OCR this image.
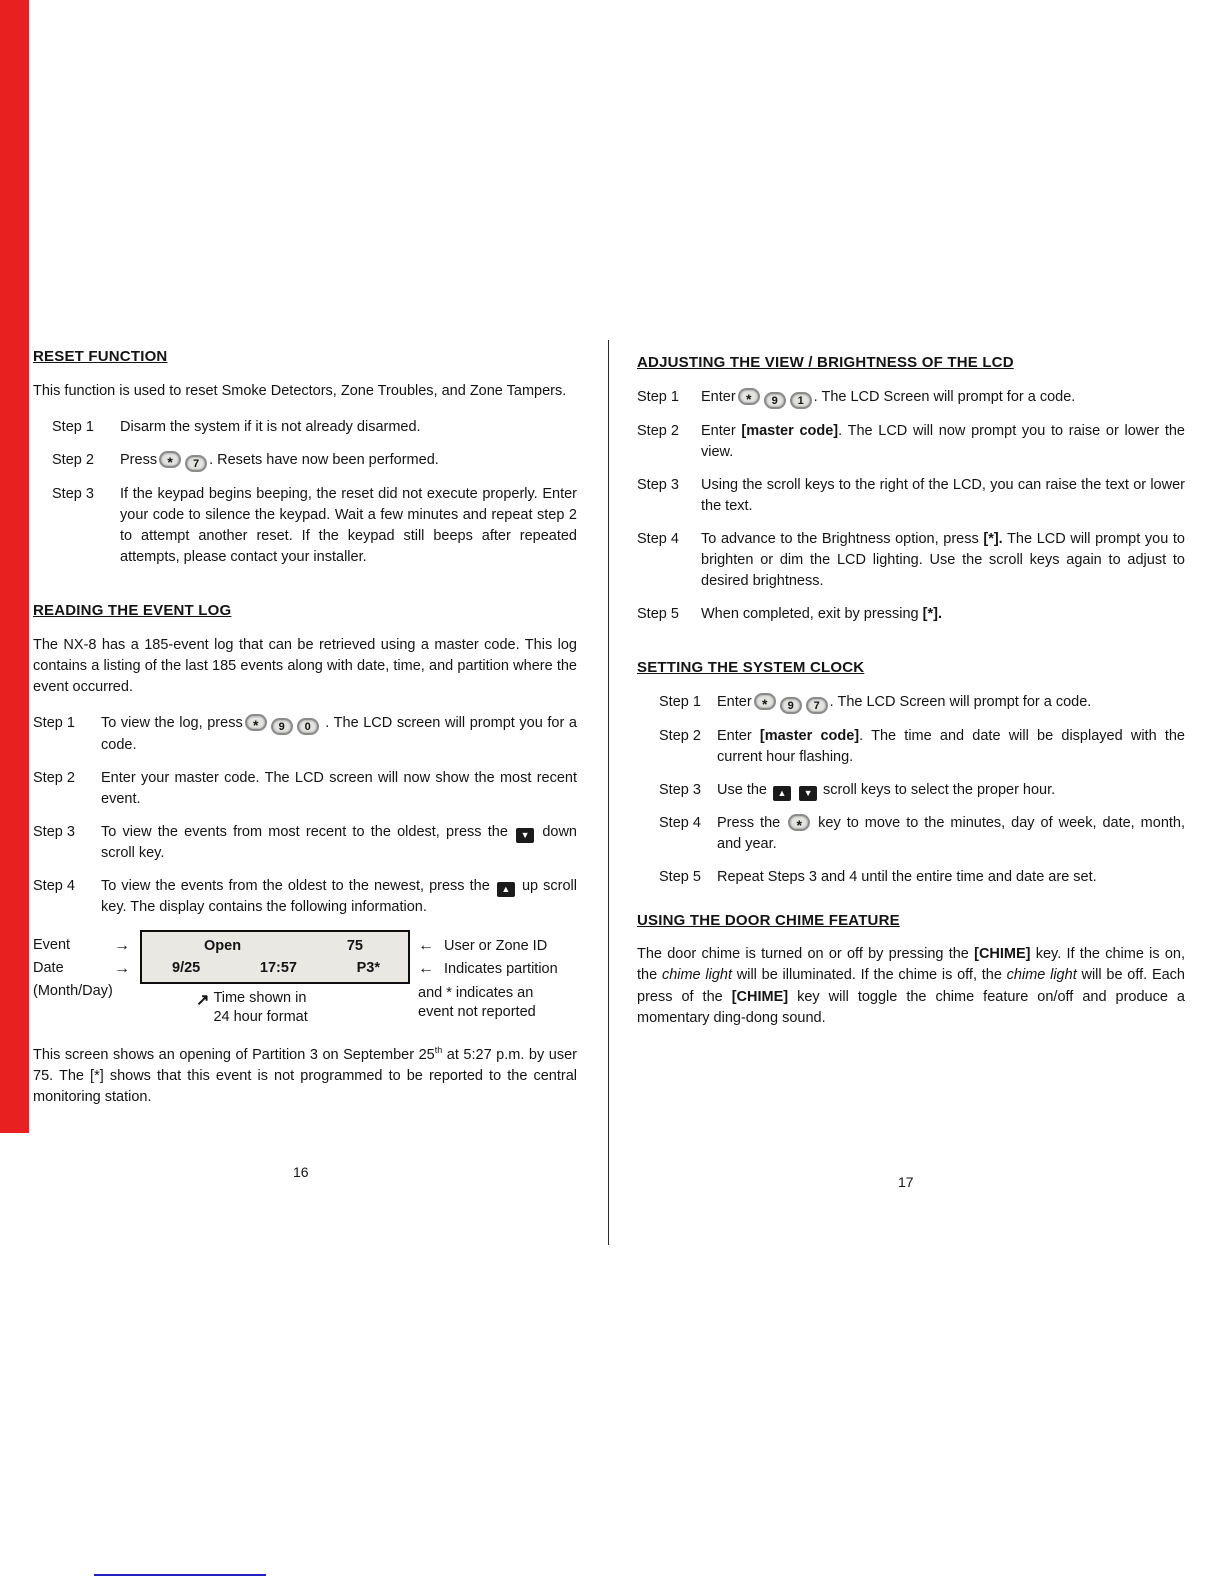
RESET FUNCTION

This function is used to reset Smoke Detectors, Zone Troubles, and Zone Tampers.

Step 1	Disarm the system if it is not already disarmed.
Step 2	Press * 7 . Resets have now been performed.
Step 3	If the keypad begins beeping, the reset did not execute properly. Enter your code to silence the keypad. Wait a few minutes and repeat step 2 to attempt another reset. If the keypad still beeps after repeated attempts, please contact your installer.
READING THE EVENT LOG

The NX-8 has a 185-event log that can be retrieved using a master code. This log contains a listing of the last 185 events along with date, time, and partition where the event occurred.

Step 1	To view the log, press * 9 0 . The LCD screen will prompt you for a code.
Step 2	Enter your master code. The LCD screen will now show the most recent event.
Step 3	To view the events from most recent to the oldest, press the ▼ down scroll key.
Step 4	To view the events from the oldest to the newest, press the ▲ up scroll key. The display contains the following information.
Event	→
Date	→
(Month/Day)
Open	75
9/25	17:57	P3*
↗ Time shown in
24 hour format
← User or Zone ID
← Indicates partition
and * indicates an
event not reported

This screen shows an opening of Partition 3 on September 25th at 5:27 p.m. by user 75. The [*] shows that this event is not programmed to be reported to the central monitoring station.

ADJUSTING THE VIEW / BRIGHTNESS OF THE LCD
Step 1	Enter * 9 1 . The LCD Screen will prompt for a code.
Step 2	Enter [master code]. The LCD will now prompt you to raise or lower the view.
Step 3	Using the scroll keys to the right of the LCD, you can raise the text or lower the text.
Step 4	To advance to the Brightness option, press [*]. The LCD will prompt you to brighten or dim the LCD lighting. Use the scroll keys again to adjust to desired brightness.
Step 5	When completed, exit by pressing [*].
SETTING THE SYSTEM CLOCK
Step 1	Enter * 9 7 . The LCD Screen will prompt for a code.
Step 2	Enter [master code]. The time and date will be displayed with the current hour flashing.
Step 3	Use the ▲ ▼ scroll keys to select the proper hour.
Step 4	Press the * key to move to the minutes, day of week, date, month, and year.
Step 5	Repeat Steps 3 and 4 until the entire time and date are set.
USING THE DOOR CHIME FEATURE

The door chime is turned on or off by pressing the [CHIME] key. If the chime is on, the chime light will be illuminated. If the chime is off, the chime light will be off. Each press of the [CHIME] key will toggle the chime feature on/off and produce a momentary ding-dong sound.

16
17
